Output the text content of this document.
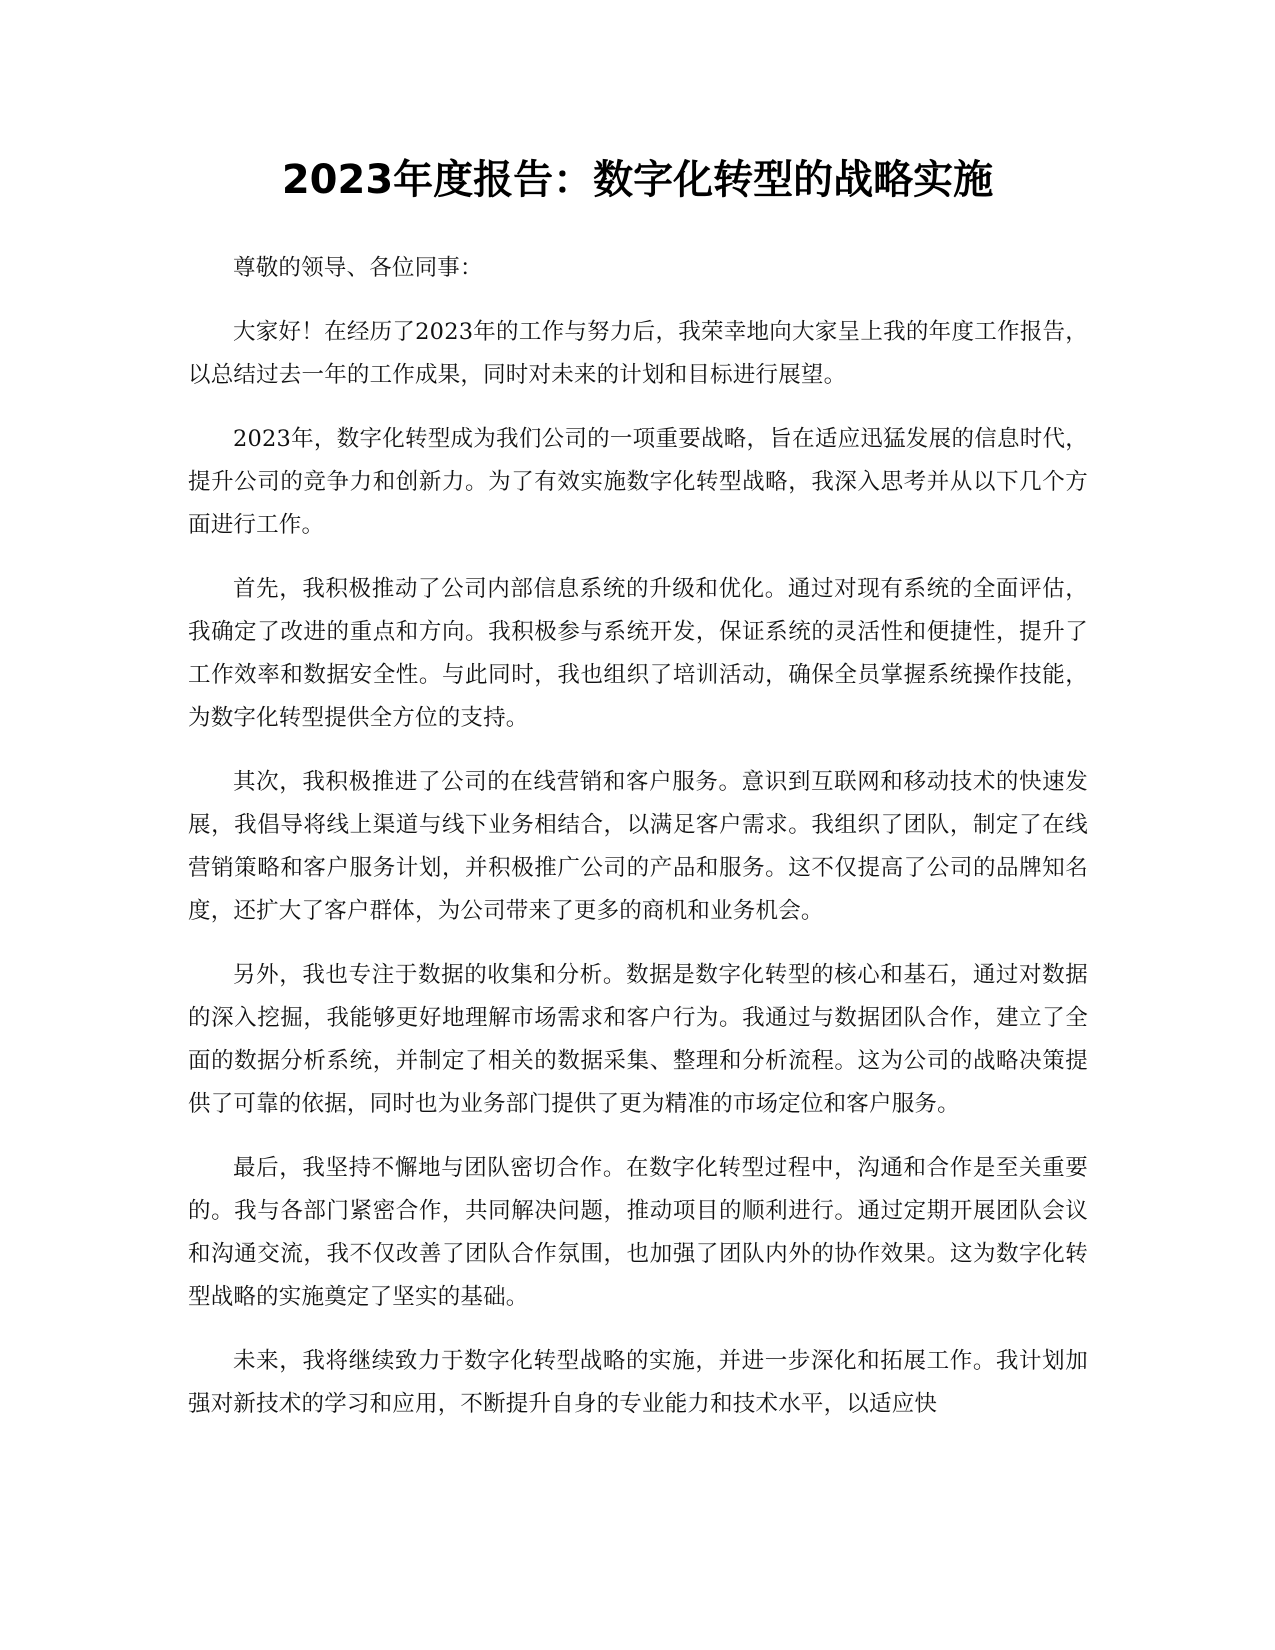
2023年度报告：数字化转型的战略实施

尊敬的领导、各位同事：

大家好！在经历了2023年的工作与努力后，我荣幸地向大家呈上我的年度工作报告，以总结过去一年的工作成果，同时对未来的计划和目标进行展望。

2023年，数字化转型成为我们公司的一项重要战略，旨在适应迅猛发展的信息时代，提升公司的竞争力和创新力。为了有效实施数字化转型战略，我深入思考并从以下几个方面进行工作。

首先，我积极推动了公司内部信息系统的升级和优化。通过对现有系统的全面评估，我确定了改进的重点和方向。我积极参与系统开发，保证系统的灵活性和便捷性，提升了工作效率和数据安全性。与此同时，我也组织了培训活动，确保全员掌握系统操作技能，为数字化转型提供全方位的支持。

其次，我积极推进了公司的在线营销和客户服务。意识到互联网和移动技术的快速发展，我倡导将线上渠道与线下业务相结合，以满足客户需求。我组织了团队，制定了在线营销策略和客户服务计划，并积极推广公司的产品和服务。这不仅提高了公司的品牌知名度，还扩大了客户群体，为公司带来了更多的商机和业务机会。

另外，我也专注于数据的收集和分析。数据是数字化转型的核心和基石，通过对数据的深入挖掘，我能够更好地理解市场需求和客户行为。我通过与数据团队合作，建立了全面的数据分析系统，并制定了相关的数据采集、整理和分析流程。这为公司的战略决策提供了可靠的依据，同时也为业务部门提供了更为精准的市场定位和客户服务。

最后，我坚持不懈地与团队密切合作。在数字化转型过程中，沟通和合作是至关重要的。我与各部门紧密合作，共同解决问题，推动项目的顺利进行。通过定期开展团队会议和沟通交流，我不仅改善了团队合作氛围，也加强了团队内外的协作效果。这为数字化转型战略的实施奠定了坚实的基础。

未来，我将继续致力于数字化转型战略的实施，并进一步深化和拓展工作。我计划加强对新技术的学习和应用，不断提升自身的专业能力和技术水平，以适应快
